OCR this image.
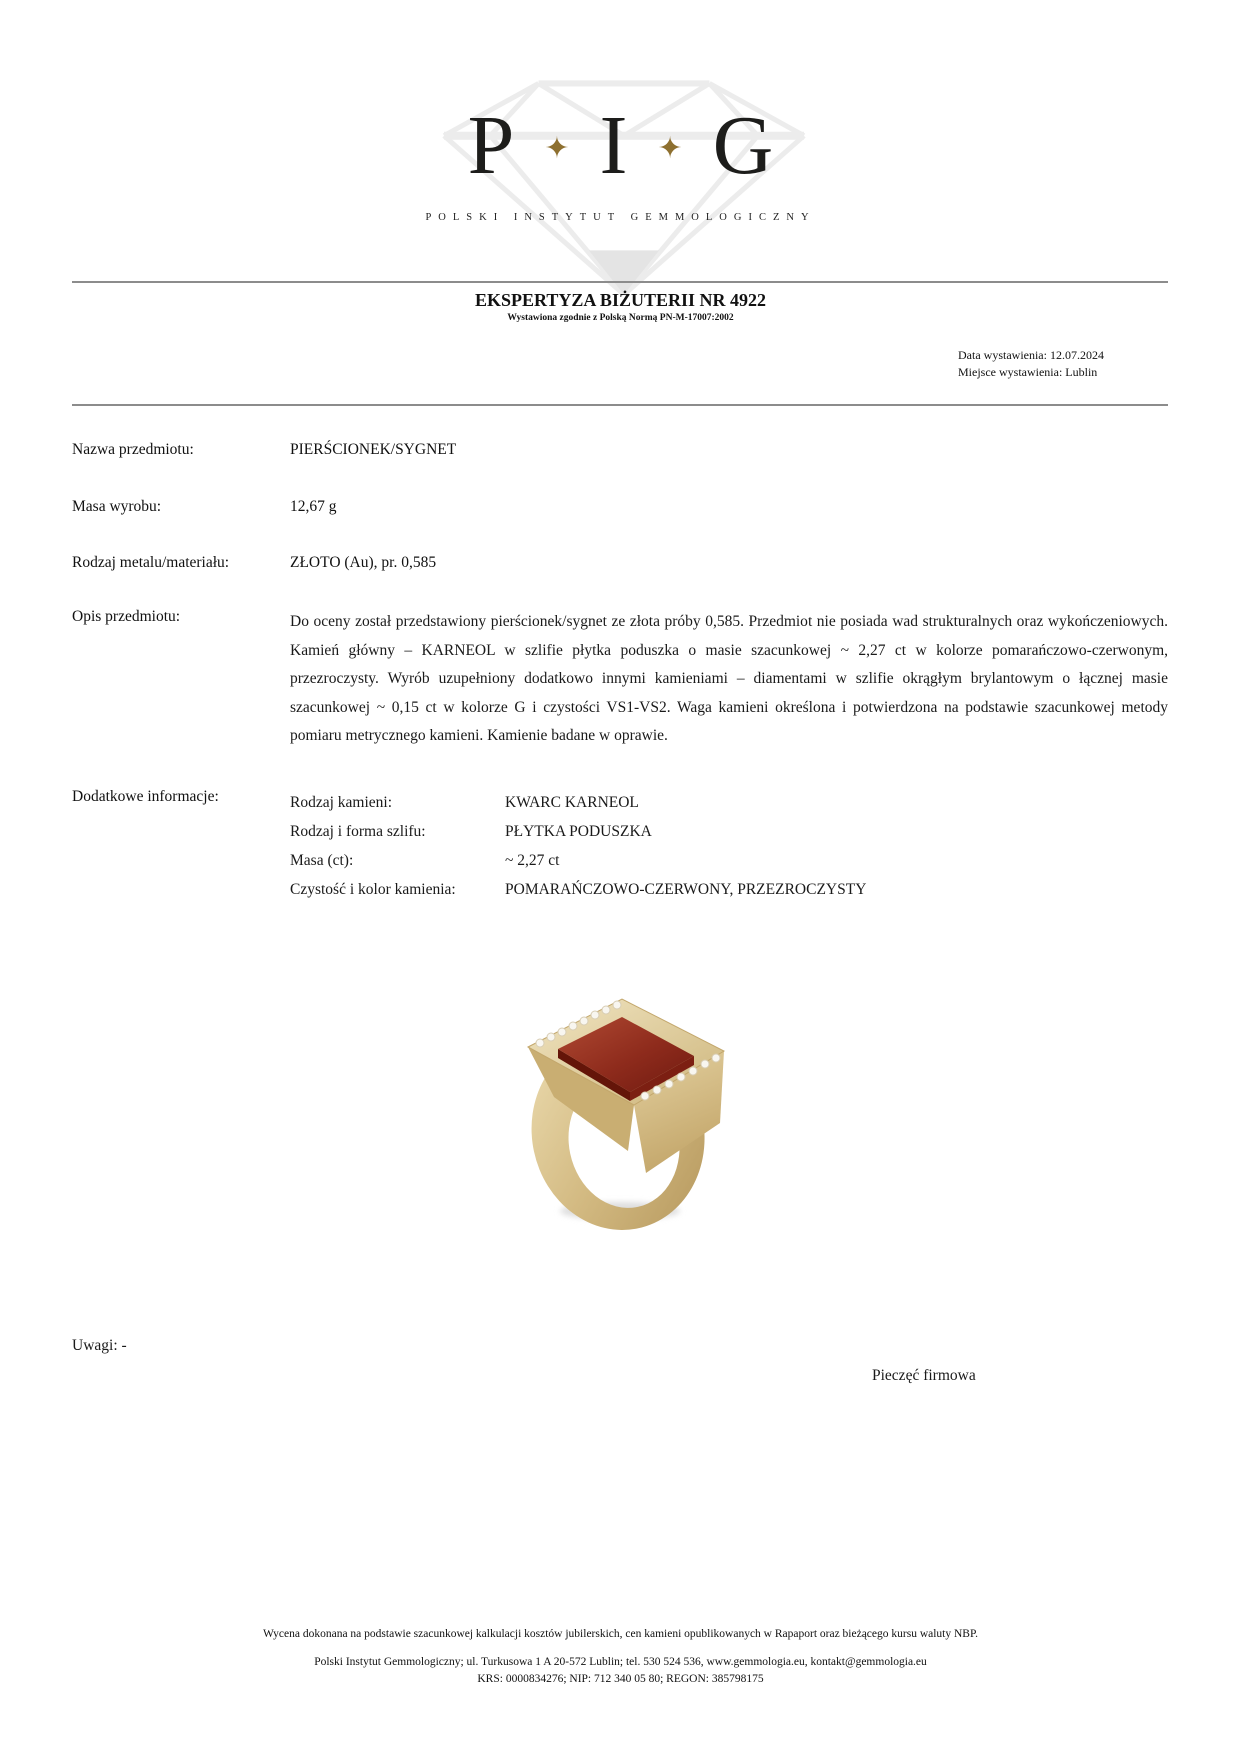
P ✦ I ✦ G
POLSKI INSTYTUT GEMMOLOGICZNY
EKSPERTYZA BIŻUTERII NR 4922
Wystawiona zgodnie z Polską Normą PN-M-17007:2002
Data wystawienia: 12.07.2024
Miejsce wystawienia: Lublin
Nazwa przedmiotu:	PIERŚCIONEK/SYGNET
Masa wyrobu:	12,67 g
Rodzaj metalu/materiału:	ZŁOTO (Au), pr. 0,585
Opis przedmiotu:	Do oceny został przedstawiony pierścionek/sygnet ze złota próby 0,585. Przedmiot nie posiada wad strukturalnych oraz wykończeniowych. Kamień główny – KARNEOL w szlifie płytka poduszka o masie szacunkowej ~ 2,27 ct w kolorze pomarańczowo-czerwonym, przezroczysty. Wyrób uzupełniony dodatkowo innymi kamieniami – diamentami w szlifie okrągłym brylantowym o łącznej masie szacunkowej ~ 0,15 ct w kolorze G i czystości VS1-VS2. Waga kamieni określona i potwierdzona na podstawie szacunkowej metody pomiaru metrycznego kamieni. Kamienie badane w oprawie.

Dodatkowe informacje:	Rodzaj kamieni:	KWARC KARNEOL
Rodzaj i forma szlifu:	PŁYTKA PODUSZKA
Masa (ct):	~ 2,27 ct
Czystość i kolor kamienia:	POMARAŃCZOWO-CZERWONY, PRZEZROCZYSTY
Uwagi: -
Pieczęć firmowa
Wycena dokonana na podstawie szacunkowej kalkulacji kosztów jubilerskich, cen kamieni opublikowanych w Rapaport oraz bieżącego kursu waluty NBP.
Polski Instytut Gemmologiczny; ul. Turkusowa 1 A 20-572 Lublin; tel. 530 524 536, www.gemmologia.eu, kontakt@gemmologia.eu
KRS: 0000834276; NIP: 712 340 05 80; REGON: 385798175
